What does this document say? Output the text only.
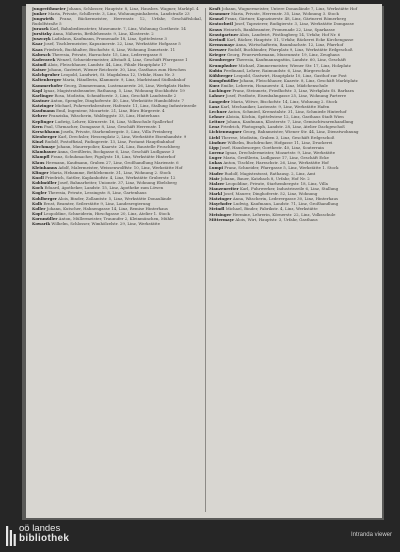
Jungreithmeier Johann, Schlosser, Hauptstr. 8, Linz, Hausbes. Wagner, Marktpl. 4

Junker Maria, Private, Schillerstr. 3, Linz, Wohnungsinhaberin, Landstraße 23

Jungwirth Franz, Bäckermeister, Herrenstr. 12, Urfahr, Geschäftslokal, Rudolfstraße 5

Jurasek Karl, Bahnbediensteter, Museumstr. 7, Linz, Wohnung Goethestr. 14

Jursitzky Anna, Näherin, Bethlehemstr. 9, Linz, Klosterstr. 2

Juszczyk Ladislaus, Kaufmann, Promenade 18, Linz, Spittelwiese 3

Kaar Josef, Tischlermeister, Kapuzinerstr. 22, Linz, Werkstätte Hofgasse 5

Kaas Friedrich, Buchhalter, Bischofstr. 6, Linz, Wohnung Dametzstr. 11

Kabesch Theresia, Private, Harrachstr. 15, Linz, Lederergasse 8

Kaderavek Wenzel, Schneidermeister, Altstadt 4, Linz, Geschäft Pfarrgasse 1

Kaindl Alois, Fleischhauer, Landstr. 44, Linz, Filiale Hauptplatz 17

Kaiser Johann, Gastwirt, Wiener Reichsstr. 30, Linz, Gasthaus zum Hirschen

Kalchgruber Leopold, Landwirt, St. Magdalena 12, Urfahr, Haus Nr. 3

Kaltenberger Maria, Händlerin, Klammstr. 9, Linz, Marktstand Südbahnhof

Kammerhofer Georg, Zimmermann, Lustenauerstr. 26, Linz, Werkplatz Hafen

Kapl Ignaz, Magistratsbeamter, Rathausg. 5, Linz, Wohnung Stockhofstr. 19

Karlinger Rosa, Modistin, Schmidtorstr. 3, Linz, Geschäft Landstraße 2

Kastner Anton, Spengler, Dinghoferstr. 40, Linz, Werkstätte Humboldtstr. 7

Katzinger Michael, Fuhrwerksbesitzer, Hafenstr. 11, Linz, Stallung Industriezeile

Kaufmann Emil, Ingenieur, Mozartstr. 21, Linz, Büro Bürgerstr. 4

Kehrer Franziska, Wäscherin, Waldeggstr. 33, Linz, Hinterhaus

Keplinger Ludwig, Lehrer, Körnerstr. 16, Linz, Volksschule Spallerhof

Kern Paul, Uhrmacher, Domgasse 8, Linz, Geschäft Herrenstr. 1

Kerschbaum Josefa, Private, Starhembergstr. 5, Linz, Villa Freinberg

Kienberger Karl, Drechsler, Hessenplatz 2, Linz, Werkstätte Eisenhandstr. 9

Kinzl Rudolf, Postoffizial, Fadingerstr. 13, Linz, Postamt Hauptbahnhof

Kirchmayr Johann, Maurerpolier, Kaarstr. 24, Linz, Baustelle Froschberg

Klambauer Anna, Greißlerin, Bockgasse 6, Linz, Geschäft Ludlgasse 3

Klampfl Franz, Schuhmacher, Figulystr. 18, Linz, Werkstätte Hinterhof

Klaus Hermann, Kaufmann, Graben 27, Linz, Großhandlung Marienstr. 6

Kleinhanns Adolf, Malermeister, Weissenwolffstr. 10, Linz, Werkstätte Hof

Klinger Maria, Hebamme, Bethlehemstr. 31, Linz, Wohnung 2. Stock

Knoll Friedrich, Sattler, Kaplanhofstr. 4, Linz, Werkstätte Gruberstr. 12

Koblmüller Josef, Bahnarbeiter, Unionstr. 37, Linz, Wohnung Ebelsberg

Koch Eduard, Apotheker, Landstr. 15, Linz, Apotheke zum Löwen

Kogler Theresia, Private, Lessingstr. 8, Linz, Gartenhaus

Kohlberger Alois, Binder, Zollamtstr. 5, Linz, Werkstätte Donaulände

Kolb Ernst, Beamter, Seilerstätte 9, Linz, Landesregierung

Koller Johann, Kutscher, Hahnengasse 14, Linz, Remise Hinterhaus

Kopf Leopoldine, Schneiderin, Hirschgasse 20, Linz, Atelier 1. Stock

Kornmüller Anton, Müllermeister, Traunufer 2, Kleinmünchen, Mühle

Kowarik Wilhelm, Schlosser, Wimhölzelstr. 29, Linz, Werkstätte

Kraft Johann, Wagnermeister, Untere Donaulände 7, Linz, Werkstätte Hof

Krammer Maria, Private, Herrenstr. 35, Linz, Wohnung 3. Stock

Kranzl Franz, Gärtner, Kapuzinerstr. 48, Linz, Gärtnerei Römerberg

Kratochwil Josef, Tapezierer, Rudigierstr. 3, Linz, Werkstätte Domgasse

Kraus Heinrich, Bankbeamter, Promenade 22, Linz, Sparkasse

Krautgartner Alois, Landwirt, Pöstlingberg 14, Urfahr, Hof Nr. 6

Kreindl Karl, Bäcker, Hauptstr. 51, Urfahr, Bäckerei Ecke Kirchengasse

Kremsmayr Anna, Wirtschafterin, Baumbachstr. 12, Linz, Pfarrhof

Kreuzer Rudolf, Buchbinder, Pfarrplatz 9, Linz, Werkstätte Erdgeschoß

Krieger Georg, Feuerwehrmann, Museumstr. 19, Linz, Zeughaus

Kronberger Theresia, Kaufmannsgattin, Landstr. 60, Linz, Geschäft

Krumphuber Michael, Zimmermeister, Wiener Str. 17, Linz, Holzplatz

Kubin Ferdinand, Lehrer, Raimundstr. 6, Linz, Bürgerschule

Kühberger Leopold, Gastwirt, Hauptplatz 10, Linz, Gasthof zur Post

Kumpfmüller Johann, Fleischhauer, Kaarstr. 8, Linz, Geschäft Marktplatz

Kurz Emilie, Lehrerin, Honauerstr. 4, Linz, Mädchenschule

Lackinger Franz, Steinmetz, Friedhofstr. 3, Linz, Werkplatz St. Barbara

Lahner Josef, Postbote, Eisenbahngasse 25, Linz, Wohnung Parterre

Langeder Maria, Witwe, Bischofstr. 14, Linz, Wohnung 2. Stock

Lanz Karl, Mechaniker, Lastenstr. 9, Linz, Werkstätte Hafen

Lechner Anton, Schmied, Kremstalstr. 31, Linz, Schmiede Hinterhof

Lehner Aloisia, Köchin, Spittelwiese 12, Linz, Gasthaus Stadt Wien

Leitner Johann, Kaufmann, Klosterstr. 7, Linz, Gemischtwarenhandlung

Lenz Friedrich, Photograph, Landstr. 28, Linz, Atelier Dachgeschoß

Lichtenwagner Georg, Bahnmeister, Wiener Str. 44, Linz, Dienstwohnung

Liebl Therese, Modistin, Graben 3, Linz, Geschäft Erdgeschoß

Lindner Wilhelm, Buchdrucker, Hofgasse 11, Linz, Druckerei

Lipp Josef, Hausbesorger, Goethestr. 40, Linz, Souterrain

Lorenz Ignaz, Drechslermeister, Mozartstr. 9, Linz, Werkstätte

Luger Maria, Greißlerin, Ludlgasse 17, Linz, Geschäft Ecke

Lukas Anton, Tischler, Harrachstr. 26, Linz, Werkstätte Hof

Lumpi Franz, Schneider, Pfarrgasse 5, Linz, Werkstätte 1. Stock

Mader Rudolf, Magistratsrat, Rathausg. 2, Linz, Amt

Mair Johann, Bauer, Katzbach 8, Urfahr, Hof Nr. 2

Malzer Leopoldine, Private, Starhembergstr. 18, Linz, Villa

Manzenreiter Karl, Fuhrwerker, Industriezeile 6, Linz, Stallung

Markl Josef, Maurer, Dinghoferstr. 52, Linz, Wohnung

Matzinger Anna, Wäscherin, Lederergasse 30, Linz, Hinterhaus

Mayrhofer Ludwig, Kaufmann, Landstr. 71, Linz, Großhandlung

Meindl Michael, Binder, Fabrikstr. 4, Linz, Werkstätte

Meisinger Hermine, Lehrerin, Körnerstr. 22, Linz, Volksschule

Mittermayr Alois, Wirt, Hauptstr. 3, Urfahr, Gasthaus

oö landes
bibliothek	Intranda viewer
